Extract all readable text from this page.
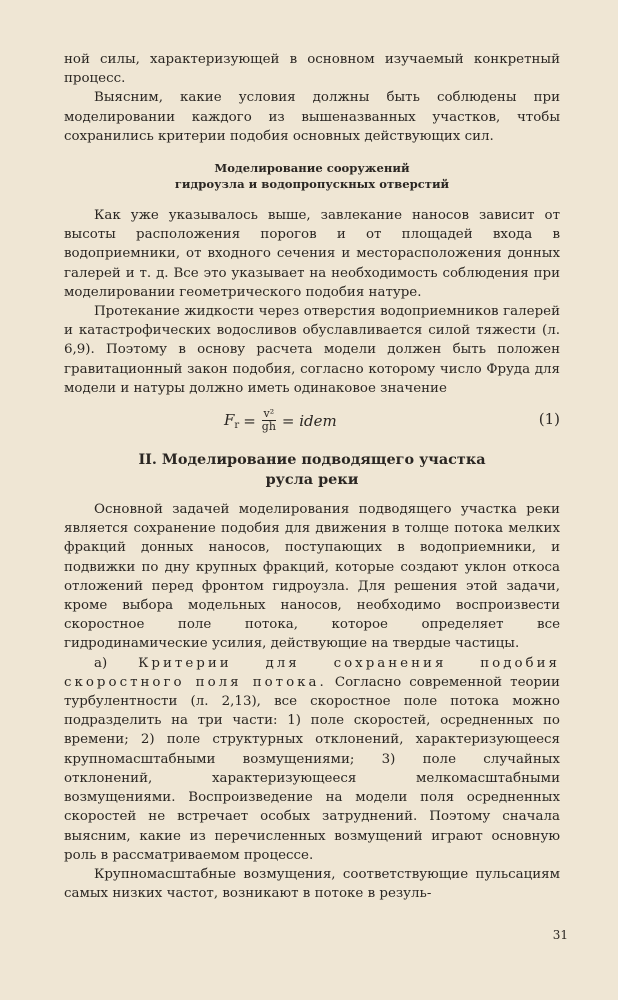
ной силы, характеризующей в основном изучаемый конкретный процесс.

Выясним, какие условия должны быть соблюдены при моделировании каждого из вышеназванных участков, чтобы сохранились критерии подобия основных действующих сил.

Моделирование сооружений
гидроузла и водопропускных отверстий

Как уже указывалось выше, завлекание наносов зависит от высоты расположения порогов и от площадей входа в водоприемники, от входного сечения и месторасположения донных галерей и т. д. Все это указывает на необходимость соблюдения при моделировании геометрического подобия натуре.

Протекание жидкости через отверстия водоприемников галерей и катастрофических водосливов обуславливается силой тяжести (л. 6,9). Поэтому в основу расчета модели должен быть положен гравитационный закон подобия, согласно которому число Фруда для модели и натуры должно иметь одинаковое значение

$F_r = \frac{\text{v²}}{gh}$ = idem	(1)
II. Моделирование подводящего участка
русла реки

Основной задачей моделирования подводящего участка реки является сохранение подобия для движения в толще потока мелких фракций донных наносов, поступающих в водоприемники, и подвижки по дну крупных фракций, которые создают уклон откоса отложений перед фронтом гидроузла. Для решения этой задачи, кроме выбора модельных наносов, необходимо воспроизвести скоростное поле потока, которое определяет все гидродинамические усилия, действующие на твердые частицы.

а) Критерии для сохранения подобия скоростного поля потока. Согласно современной теории турбулентности (л. 2,13), все скоростное поле потока можно подразделить на три части: 1) поле скоростей, осредненных по времени; 2) поле структурных отклонений, характеризующееся крупномасштабными возмущениями; 3) поле случайных отклонений, характеризующееся мелкомасштабными возмущениями. Воспроизведение на модели поля осредненных скоростей не встречает особых затруднений. Поэтому сначала выясним, какие из перечисленных возмущений играют основную роль в рассматриваемом процессе.

Крупномасштабные возмущения, соответствующие пульсациям самых низких частот, возникают в потоке в резуль-

31
